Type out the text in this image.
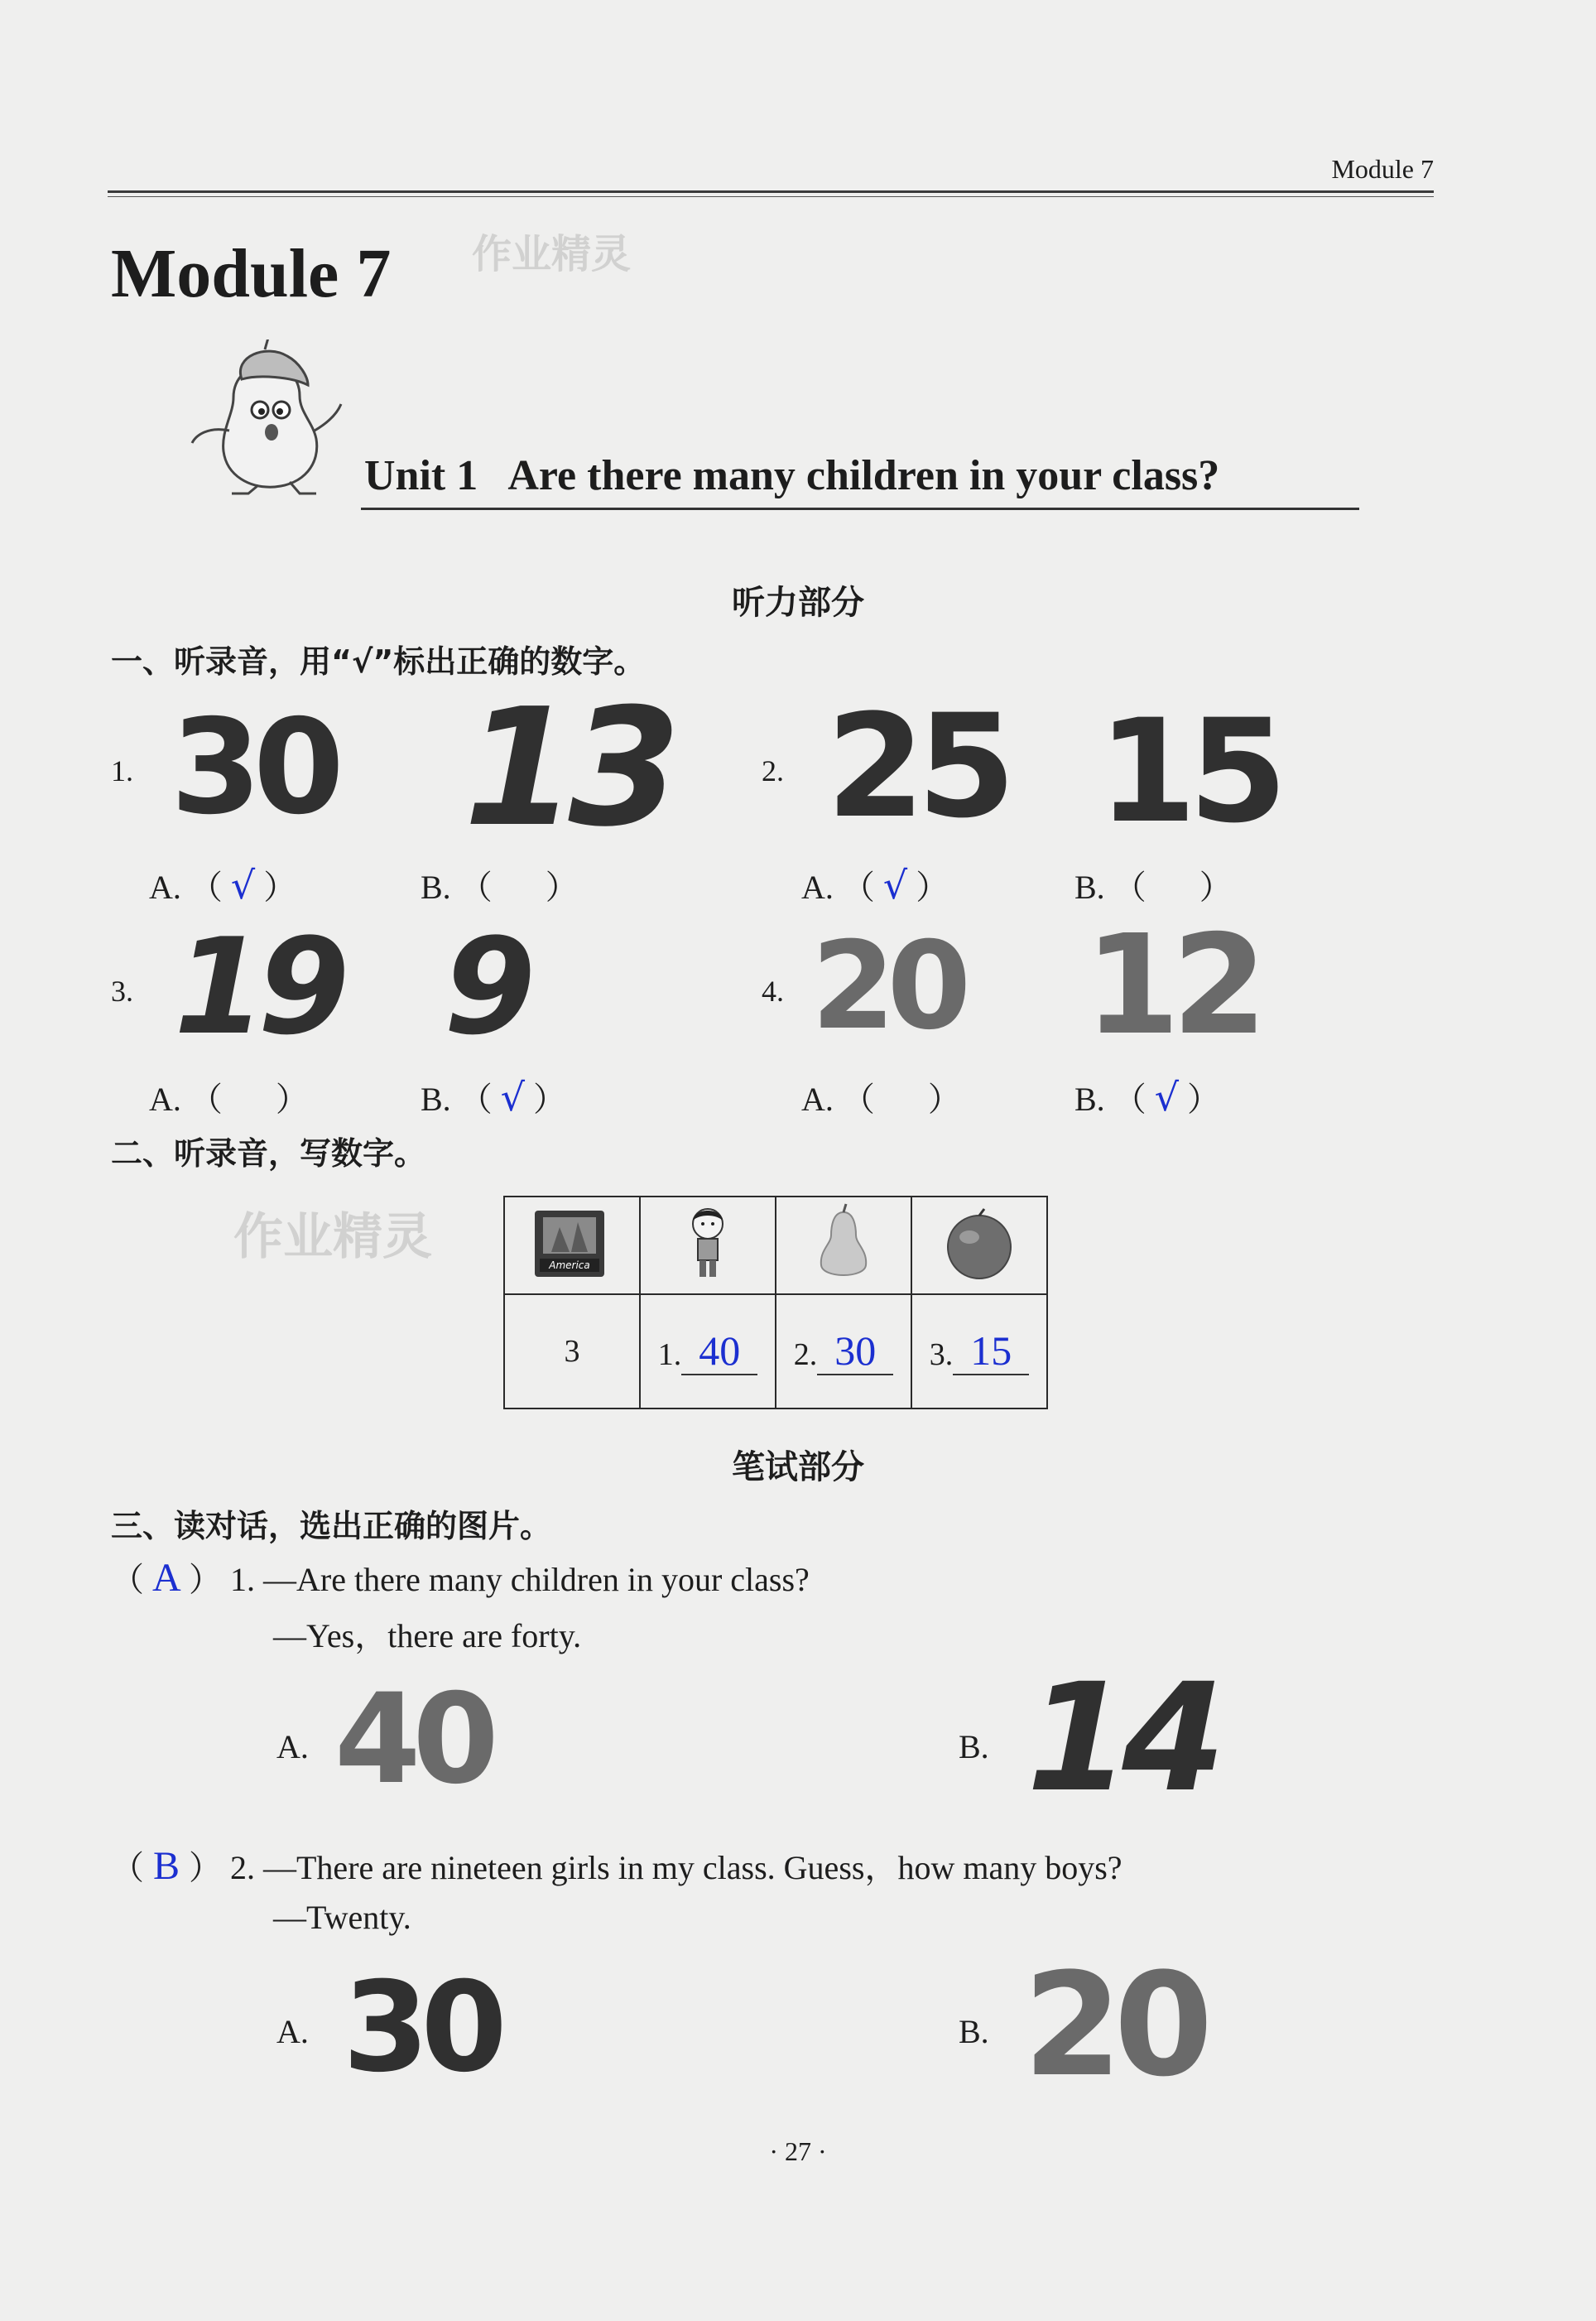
Module 7
Module 7 作业精灵
Unit 1   Are there many children in your class?
听力部分
一、听录音，用“√”标出正确的数字。
1. 30 13
A. （ √ ）	B. （  ）
2. 25 15
A. （ √ ）	B. （  ）
3. 19 9
A. （  ）	B. （ √ ）
4. 20 12
A. （  ）	B. （ √ ）
二、听录音，写数字。
作业精灵	America

3	1. 40	2. 30	3. 15
笔试部分
三、读对话，选出正确的图片。
（ A ） 1. —Are there many children in your class?
—Yes，there are forty.
A. 40	B. 14
（ B ） 2. —There are nineteen girls in my class. Guess，how many boys?
—Twenty.
A. 30	B. 20
· 27 ·
